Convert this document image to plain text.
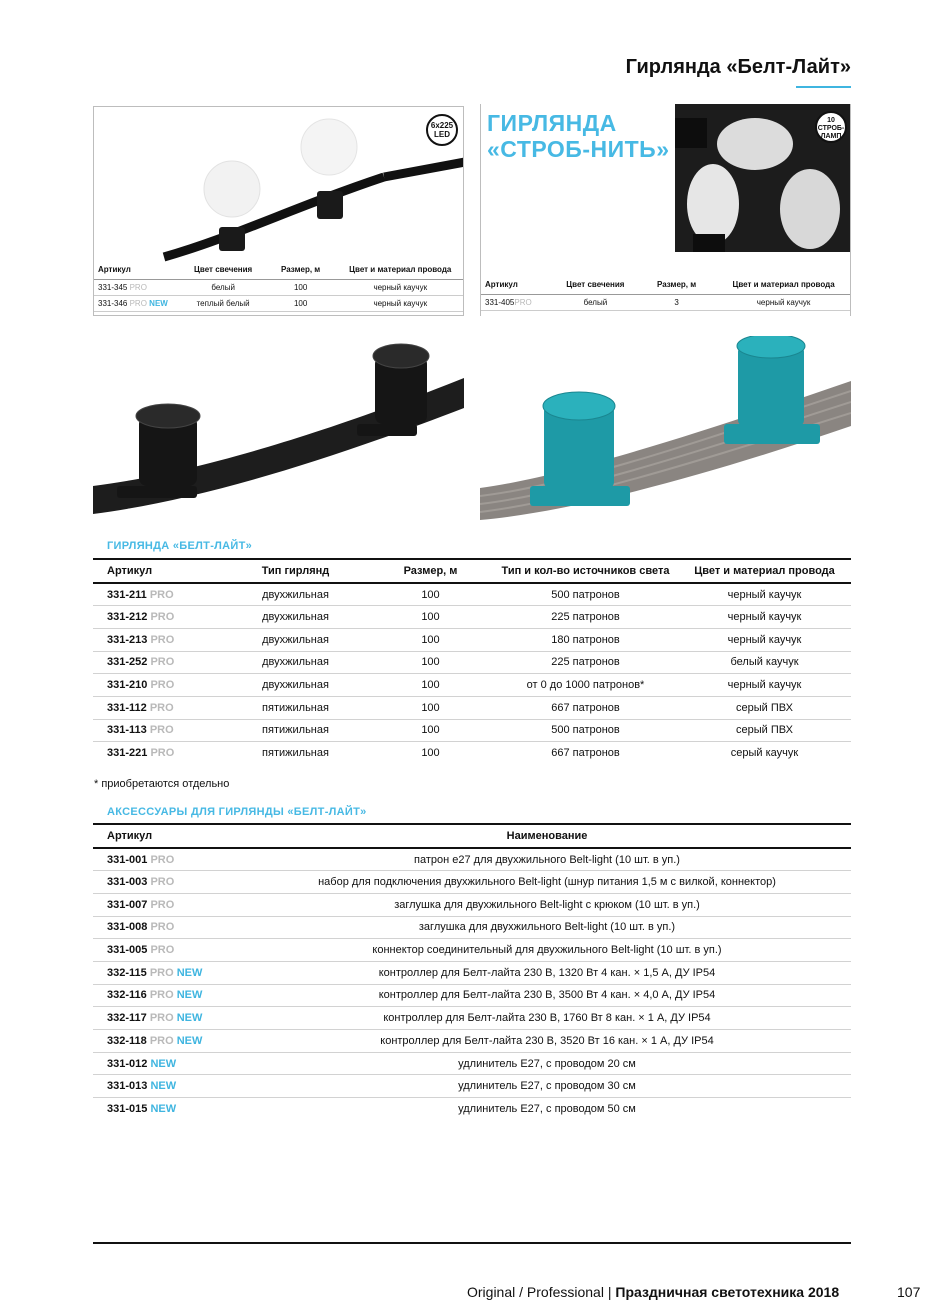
Гирлянда «Белт-Лайт»
6x225
LED
Артикул	Цвет свечения	Размер, м	Цвет и материал провода
331-345 PRO	белый	100	черный каучук
331-346 PRO NEW	теплый белый	100	черный каучук
ГИРЛЯНДА
«СТРОБ-НИТЬ»
10
СТРОБ-
ЛАМП
Артикул	Цвет свечения	Размер, м	Цвет и материал провода
331-405PRO	белый	3	черный каучук
ГИРЛЯНДА «БЕЛТ-ЛАЙТ»
Артикул	Тип гирлянд	Размер, м	Тип и кол-во источников света	Цвет и материал провода
331-211 PRO	двухжильная	100	500 патронов	черный каучук
331-212 PRO	двухжильная	100	225 патронов	черный каучук
331-213 PRO	двухжильная	100	180 патронов	черный каучук
331-252 PRO	двухжильная	100	225 патронов	белый каучук
331-210 PRO	двухжильная	100	от 0 до 1000 патронов*	черный каучук
331-112 PRO	пятижильная	100	667 патронов	серый ПВХ
331-113 PRO	пятижильная	100	500 патронов	серый ПВХ
331-221 PRO	пятижильная	100	667 патронов	серый каучук
* приобретаются отдельно
АКСЕССУАРЫ ДЛЯ ГИРЛЯНДЫ «БЕЛТ-ЛАЙТ»
Артикул	Наименование
331-001 PRO	патрон е27 для двухжильного Belt-light (10 шт. в уп.)
331-003 PRO	набор для подключения двухжильного Belt-light (шнур питания 1,5 м с вилкой, коннектор)
331-007 PRO	заглушка для двухжильного Belt-light с крюком (10 шт. в уп.)
331-008 PRO	заглушка для двухжильного Belt-light (10 шт. в уп.)
331-005 PRO	коннектор соединительный для двухжильного Belt-light (10 шт. в уп.)
332-115 PRO NEW	контроллер для Белт-лайта 230 В, 1320 Вт 4 кан. × 1,5 А, ДУ IP54
332-116 PRO NEW	контроллер для Белт-лайта 230 В, 3500 Вт 4 кан. × 4,0 А, ДУ IP54
332-117 PRO NEW	контроллер для Белт-лайта 230 В, 1760 Вт 8 кан. × 1 А, ДУ IP54
332-118 PRO NEW	контроллер для Белт-лайта 230 В, 3520 Вт 16 кан. × 1 А, ДУ IP54
331-012 NEW	удлинитель E27, с проводом 20 см
331-013 NEW	удлинитель E27, с проводом 30 см
331-015 NEW	удлинитель E27, с проводом 50 см
Original / Professional | Праздничная светотехника 2018	107
